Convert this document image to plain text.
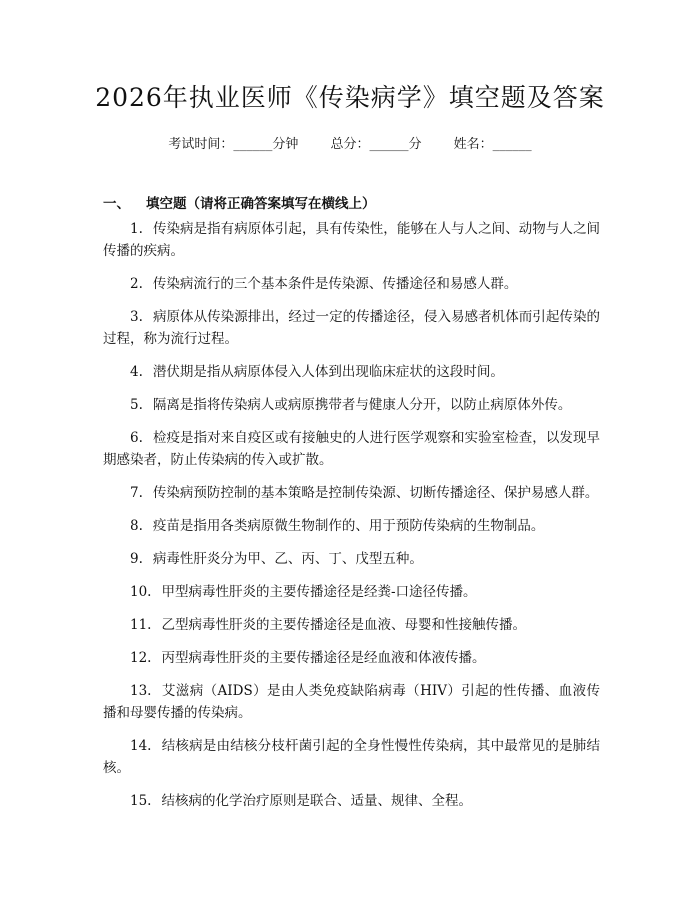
2026年执业医师《传染病学》填空题及答案
考试时间：______分钟 总分：______分 姓名：______
一、 填空题（请将正确答案填写在横线上）
1. 传染病是指有病原体引起，具有传染性，能够在人与人之间、动物与人之间传播的疾病。
2. 传染病流行的三个基本条件是传染源、传播途径和易感人群。
3. 病原体从传染源排出，经过一定的传播途径，侵入易感者机体而引起传染的过程，称为流行过程。
4. 潜伏期是指从病原体侵入人体到出现临床症状的这段时间。
5. 隔离是指将传染病人或病原携带者与健康人分开，以防止病原体外传。
6. 检疫是指对来自疫区或有接触史的人进行医学观察和实验室检查，以发现早期感染者，防止传染病的传入或扩散。
7. 传染病预防控制的基本策略是控制传染源、切断传播途径、保护易感人群。
8. 疫苗是指用各类病原微生物制作的、用于预防传染病的生物制品。
9. 病毒性肝炎分为甲、乙、丙、丁、戊型五种。
10. 甲型病毒性肝炎的主要传播途径是经粪-口途径传播。
11. 乙型病毒性肝炎的主要传播途径是血液、母婴和性接触传播。
12. 丙型病毒性肝炎的主要传播途径是经血液和体液传播。
13. 艾滋病（AIDS）是由人类免疫缺陷病毒（HIV）引起的性传播、血液传播和母婴传播的传染病。
14. 结核病是由结核分枝杆菌引起的全身性慢性传染病，其中最常见的是肺结核。
15. 结核病的化学治疗原则是联合、适量、规律、全程。
